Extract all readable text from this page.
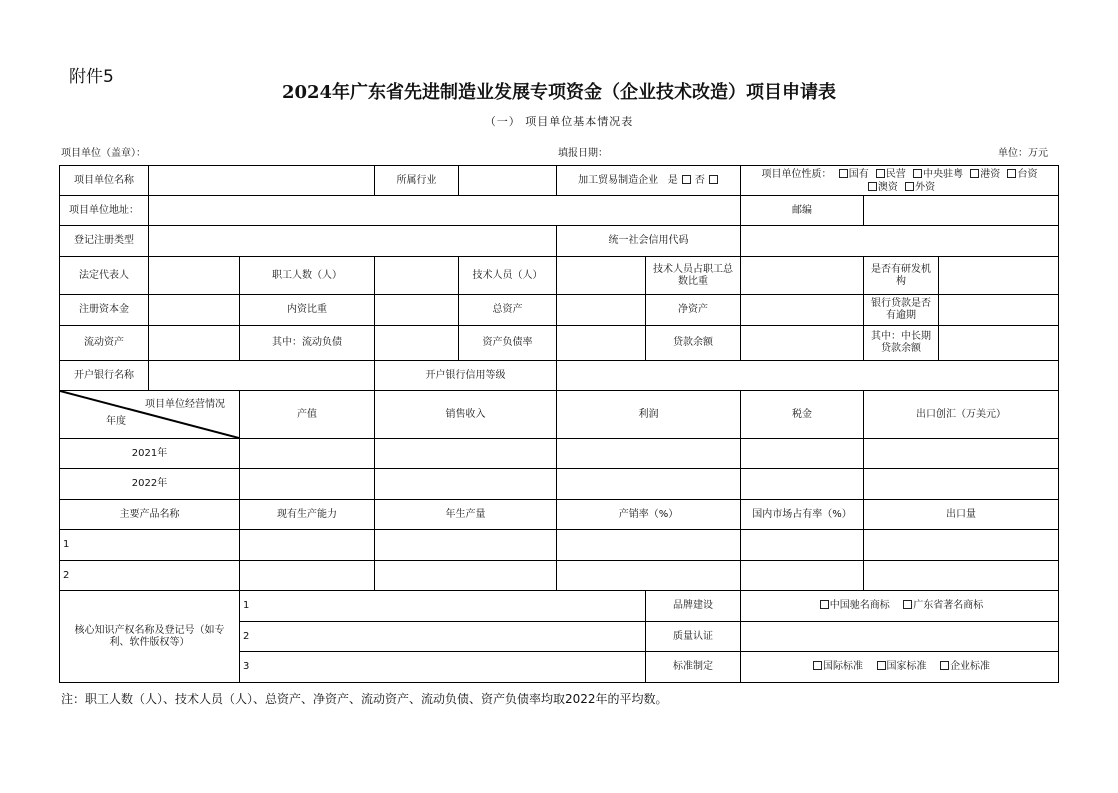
附件5
2024年广东省先进制造业发展专项资金（企业技术改造）项目申请表
（一） 项目单位基本情况表
项目单位（盖章）：	填报日期：	单位：万元
项目单位名称			所属行业		加工贸易制造企业 是 否		项目单位性质： 国有 民营 中央驻粤 港资 台资
澳资 外资		
项目单位地址：							邮编		
登记注册类型					统一社会信用代码				
法定代表人		职工人数（人）		技术人员（人）		技术人员占职工总数比重		是否有研发机构	
注册资本金		内资比重		总资产		净资产		银行贷款是否有逾期	
流动资产		其中：流动负债		资产负债率		贷款余额		其中：中长期贷款余额	
开户银行名称			开户银行信用等级						

项目单位经营情况
年度		产值	销售收入		利润		税金	出口创汇（万美元）	
2021年									
2022年									
主要产品名称		现有生产能力	年生产量		产销率（%）		国内市场占有率（%）	出口量	
1									
2									
核心知识产权名称及登记号（如专利、软件版权等）		1				品牌建设	中国驰名商标 广东省著名商标		
		2				质量认证			
		3				标准制定	国际标准 国家标准 企业标准		
注：职工人数（人）、技术人员（人）、总资产、净资产、流动资产、流动负债、资产负债率均取2022年的平均数。
